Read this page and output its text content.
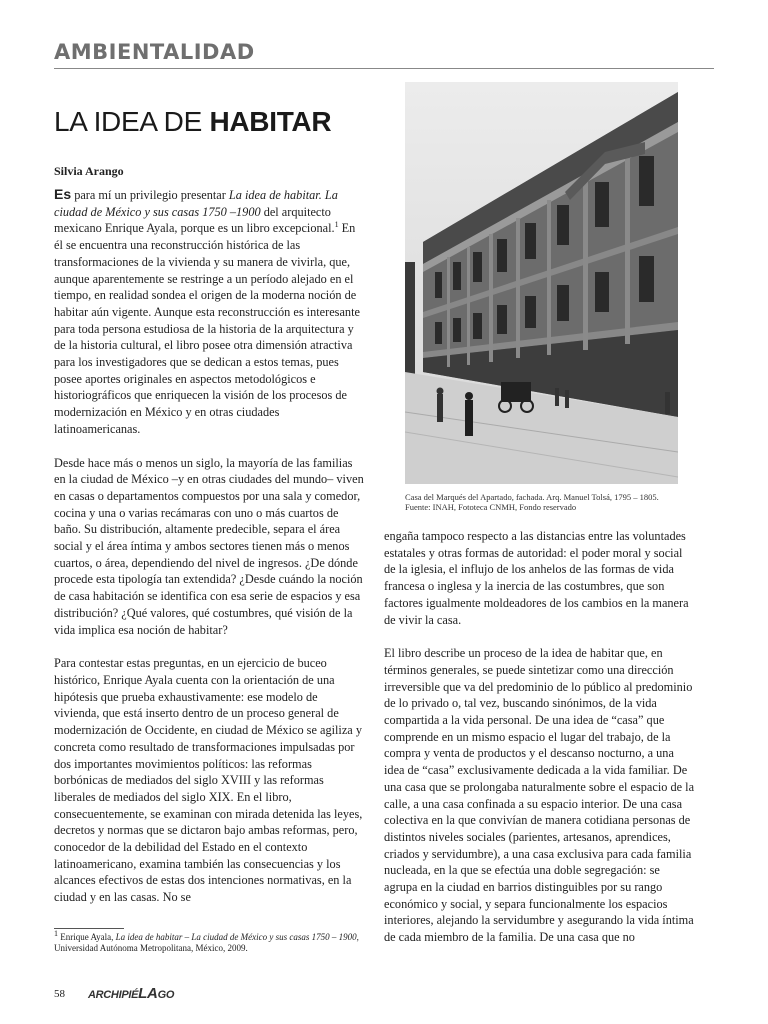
AMBIENTALIDAD
LA IDEA DE HABITAR
Silvia Arango

Es para mí un privilegio presentar La idea de habitar. La ciudad de México y sus casas 1750 –1900 del arquitecto mexicano Enrique Ayala, porque es un libro excepcional.$^1$ En él se encuentra una reconstrucción histórica de las transformaciones de la vivienda y su manera de vivirla, que, aunque aparentemente se restringe a un período alejado en el tiempo, en realidad sondea el origen de la moderna noción de habitar aún vigente. Aunque esta reconstrucción es interesante para toda persona estudiosa de la historia de la arquitectura y de la historia cultural, el libro posee otra dimensión atractiva para los investigadores que se dedican a estos temas, pues posee aportes originales en aspectos metodológicos e historiográficos que enriquecen la visión de los procesos de modernización en México y en otras ciudades latinoamericanas.

Desde hace más o menos un siglo, la mayoría de las familias en la ciudad de México –y en otras ciudades del mundo– viven en casas o departamentos compuestos por una sala y comedor, cocina y una o varias recámaras con uno o más cuartos de baño. Su distribución, altamente predecible, separa el área social y el área íntima y ambos sectores tienen más o menos cuartos, o área, dependiendo del nivel de ingresos. ¿De dónde procede esta tipología tan extendida? ¿Desde cuándo la noción de casa habitación se identifica con esa serie de espacios y esa distribución? ¿Qué valores, qué costumbres, qué visión de la vida implica esa noción de habitar?

Para contestar estas preguntas, en un ejercicio de buceo histórico, Enrique Ayala cuenta con la orientación de una hipótesis que prueba exhaustivamente: ese modelo de vivienda, que está inserto dentro de un proceso general de modernización de Occidente, en ciudad de México se agiliza y concreta como resultado de transformaciones impulsadas por dos importantes movimientos políticos: las reformas borbónicas de mediados del siglo XVIII y las reformas liberales de mediados del siglo XIX. En el libro, consecuentemente, se examinan con mirada detenida las leyes, decretos y normas que se dictaron bajo ambas reformas, pero, conocedor de la debilidad del Estado en el contexto latinoamericano, examina también las consecuencias y los alcances efectivos de estas dos intenciones normativas, en la ciudad y en las casas. No se

Casa del Marqués del Apartado, fachada. Arq. Manuel Tolsá, 1795 – 1805.
Fuente: INAH, Fototeca CNMH, Fondo reservado

engaña tampoco respecto a las distancias entre las voluntades estatales y otras formas de autoridad: el poder moral y social de la iglesia, el influjo de los anhelos de las formas de vida francesa o inglesa y la inercia de las costumbres, que son factores igualmente moldeadores de los cambios en la manera de vivir la casa.

El libro describe un proceso de la idea de habitar que, en términos generales, se puede sintetizar como una dirección irreversible que va del predominio de lo público al predominio de lo privado o, tal vez, buscando sinónimos, de la vida compartida a la vida personal. De una idea de “casa” que comprende en un mismo espacio el lugar del trabajo, de la compra y venta de productos y el descanso nocturno, a una idea de “casa” exclusivamente dedicada a la vida familiar. De una casa que se prolongaba naturalmente sobre el espacio de la calle, a una casa confinada a su espacio interior. De una casa colectiva en la que convivían de manera cotidiana personas de distintos niveles sociales (parientes, artesanos, aprendices, criados y servidumbre), a una casa exclusiva para cada familia nucleada, en la que se efectúa una doble segregación: se agrupa en la ciudad en barrios distinguibles por su rango económico y social, y separa funcionalmente los espacios interiores, alejando la servidumbre y asegurando la vida íntima de cada miembro de la familia. De una casa que no

$^1$ Enrique Ayala, La idea de habitar – La ciudad de México y sus casas 1750 – 1900, Universidad Autónoma Metropolitana, México, 2009.
58 ARCHIPIÉLAGO
